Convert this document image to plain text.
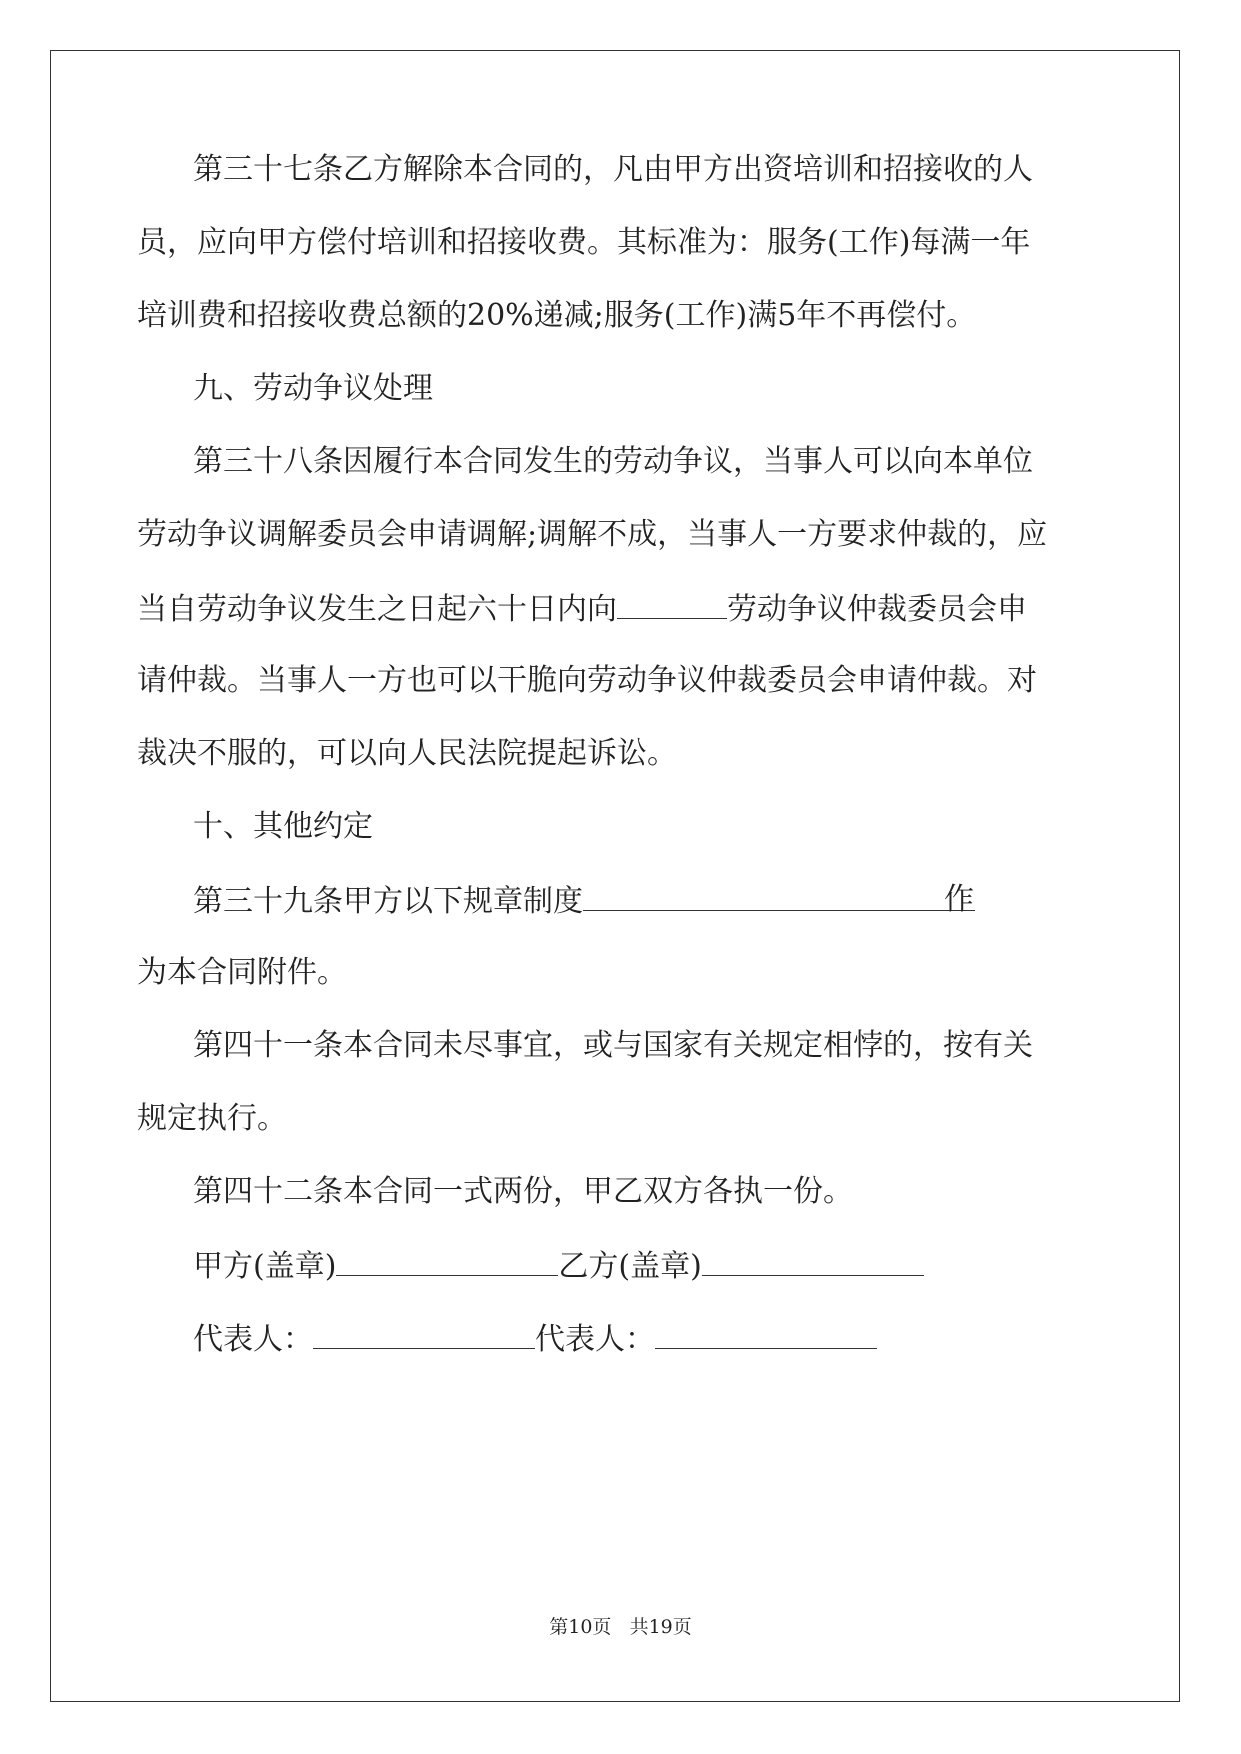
第三十七条乙方解除本合同的，凡由甲方出资培训和招接收的人
员，应向甲方偿付培训和招接收费。其标准为：服务(工作)每满一年
培训费和招接收费总额的20%递减;服务(工作)满5年不再偿付。
九、劳动争议处理
第三十八条因履行本合同发生的劳动争议，当事人可以向本单位
劳动争议调解委员会申请调解;调解不成，当事人一方要求仲裁的，应
当自劳动争议发生之日起六十日内向	劳动争议仲裁委员会申
请仲裁。当事人一方也可以干脆向劳动争议仲裁委员会申请仲裁。对
裁决不服的，可以向人民法院提起诉讼。
十、其他约定
第三十九条甲方以下规章制度	作
为本合同附件。
第四十一条本合同未尽事宜，或与国家有关规定相悖的，按有关
规定执行。
第四十二条本合同一式两份，甲乙双方各执一份。
甲方(盖章)	乙方(盖章)
代表人：	代表人：
第10页 共19页
